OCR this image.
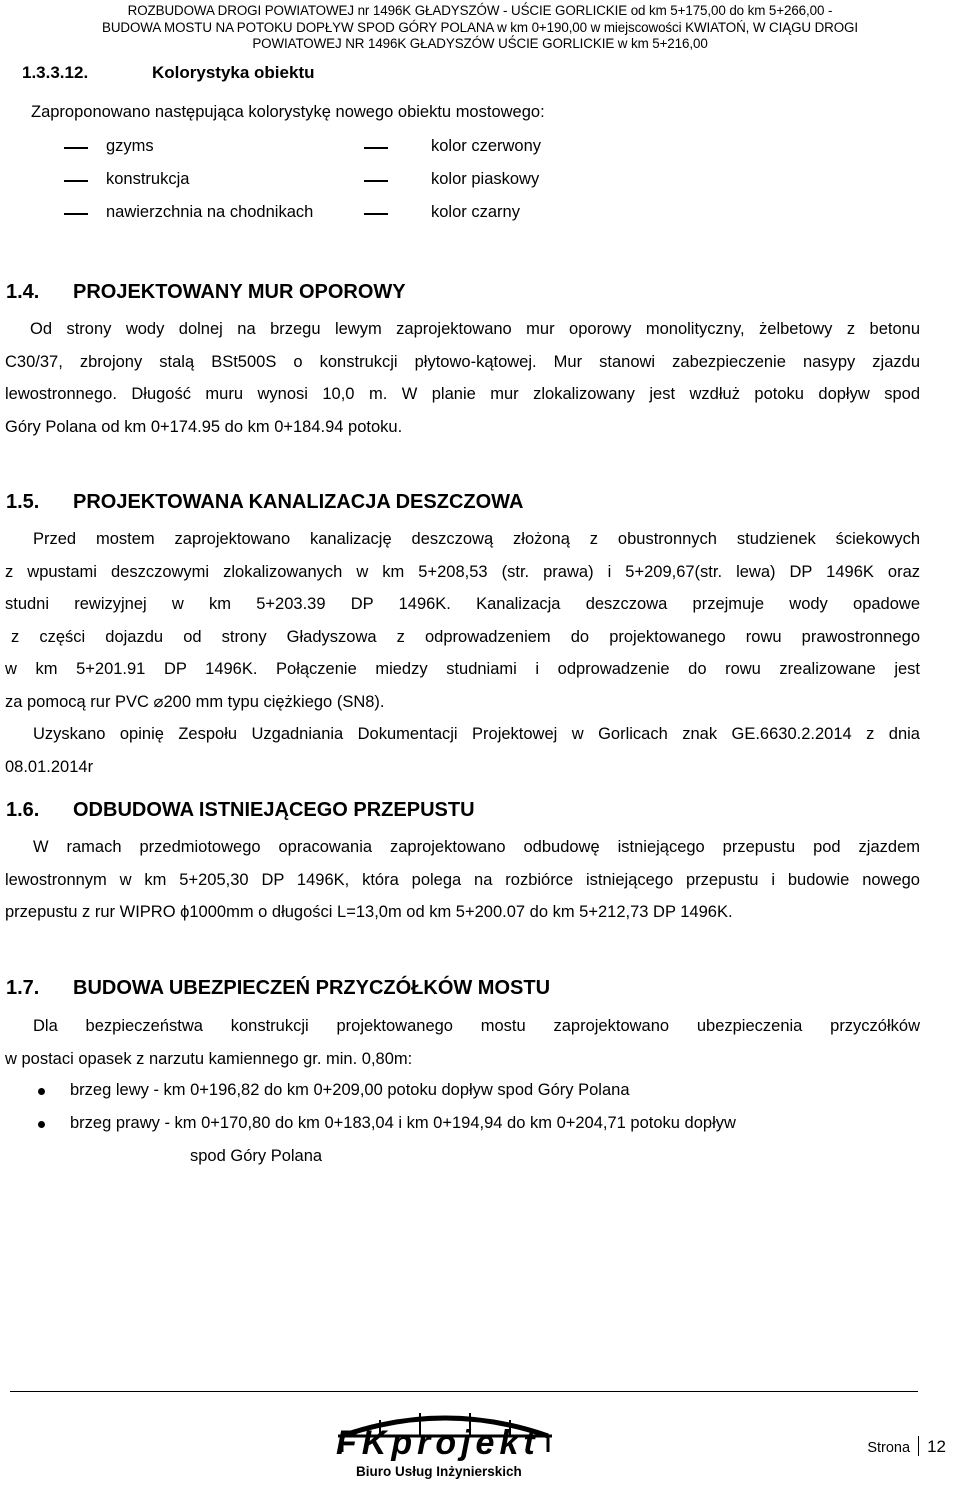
ROZBUDOWA DROGI POWIATOWEJ nr 1496K GŁADYSZÓW - UŚCIE GORLICKIE od km 5+175,00 do km 5+266,00 -
BUDOWA MOSTU NA POTOKU DOPŁYW SPOD GÓRY POLANA w km 0+190,00 w miejscowości KWIATOŃ, W CIĄGU DROGI
POWIATOWEJ NR 1496K GŁADYSZÓW UŚCIE GORLICKIE w km 5+216,00
1.3.3.12.	Kolorystyka obiektu
Zaproponowano następująca kolorystykę nowego obiektu mostowego:
gzyms	kolor czerwony
konstrukcja	kolor piaskowy
nawierzchnia na chodnikach	kolor czarny
1.4. PROJEKTOWANY MUR OPOROWY
Od strony wody dolnej na brzegu lewym zaprojektowano mur oporowy monolityczny, żelbetowy z betonu
C30/37, zbrojony stalą BSt500S o konstrukcji płytowo-kątowej. Mur stanowi zabezpieczenie nasypy zjazdu
lewostronnego. Długość muru wynosi 10,0 m. W planie mur zlokalizowany jest wzdłuż potoku dopływ spod
Góry Polana od km 0+174.95 do km 0+184.94 potoku.
1.5. PROJEKTOWANA KANALIZACJA DESZCZOWA
Przed mostem zaprojektowano kanalizację deszczową złożoną z obustronnych studzienek ściekowych
z wpustami deszczowymi zlokalizowanych w km 5+208,53 (str. prawa) i 5+209,67(str. lewa) DP 1496K oraz
studni rewizyjnej w km 5+203.39 DP 1496K. Kanalizacja deszczowa przejmuje wody opadowe
z części dojazdu od strony Gładyszowa z odprowadzeniem do projektowanego rowu prawostronnego
w km 5+201.91 DP 1496K. Połączenie miedzy studniami i odprowadzenie do rowu zrealizowane jest
za pomocą rur PVC ⌀200 mm typu ciężkiego (SN8).
Uzyskano opinię Zespołu Uzgadniania Dokumentacji Projektowej w Gorlicach znak GE.6630.2.2014 z dnia
08.01.2014r
1.6. ODBUDOWA ISTNIEJĄCEGO PRZEPUSTU
W ramach przedmiotowego opracowania zaprojektowano odbudowę istniejącego przepustu pod zjazdem
lewostronnym w km 5+205,30 DP 1496K, która polega na rozbiórce istniejącego przepustu i budowie nowego
przepustu z rur WIPRO ϕ1000mm o długości L=13,0m od km 5+200.07 do km 5+212,73 DP 1496K.
1.7. BUDOWA UBEZPIECZEŃ PRZYCZÓŁKÓW MOSTU
Dla bezpieczeństwa konstrukcji projektowanego mostu zaprojektowano ubezpieczenia przyczółków
w postaci opasek z narzutu kamiennego gr. min. 0,80m:
brzeg lewy - km 0+196,82 do km 0+209,00 potoku dopływ spod Góry Polana
brzeg prawy - km 0+170,80 do km 0+183,04 i km 0+194,94 do km 0+204,71 potoku dopływ
spod Góry Polana
FKprojekt
Biuro Usług Inżynierskich
Strona 12
